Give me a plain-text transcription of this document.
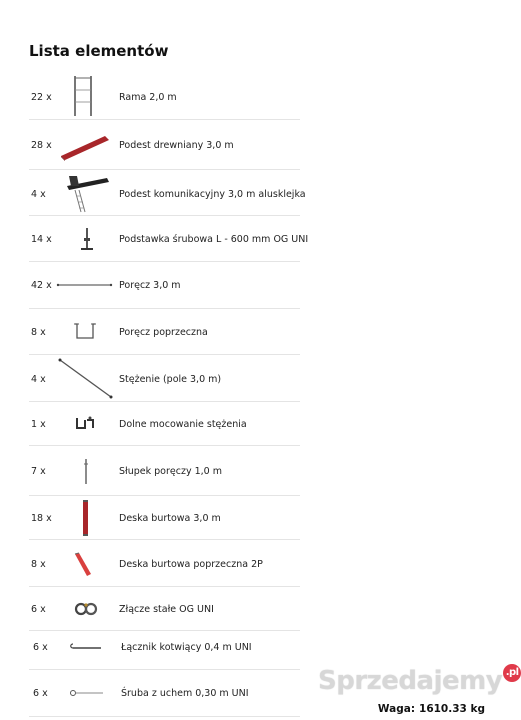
Lista elementów
22 x	Rama 2,0 m
28 x	Podest drewniany 3,0 m
4 x	Podest komunikacyjny 3,0 m alusklejka
14 x	Podstawka śrubowa L - 600 mm OG UNI
42 x	Poręcz 3,0 m
8 x	Poręcz poprzeczna
4 x	Stężenie (pole 3,0 m)
1 x	Dolne mocowanie stężenia
7 x	Słupek poręczy 1,0 m
18 x	Deska burtowa 3,0 m
8 x	Deska burtowa poprzeczna 2P
6 x	Złącze stałe OG UNI
6 x	Łącznik kotwiący 0,4 m UNI
6 x	Śruba z uchem 0,30 m UNI	Sprzedajemy .pl
Waga: 1610.33 kg
